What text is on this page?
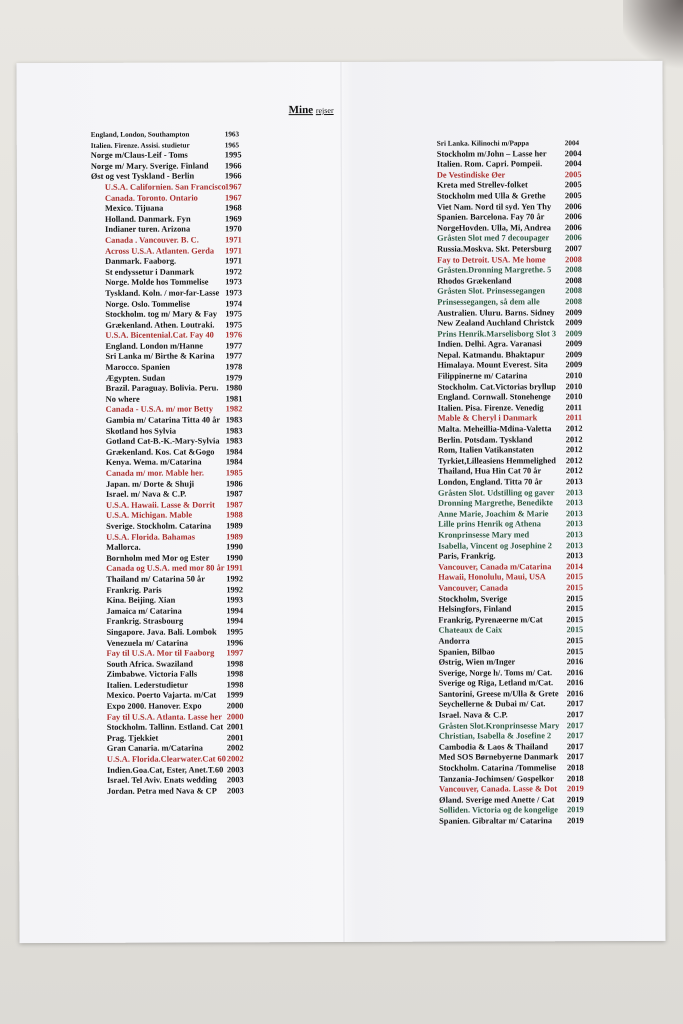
Mine rejser
England, London, Southampton	1963
Italien. Firenze. Assisi. studietur	1965
Norge m/Claus-Leif - Toms	1995
Norge m/ Mary. Sverige. Finland 1966
Øst og vest Tyskland - Berlin	1966
U.S.A. Californien. San Francisco 1967
Canada. Toronto. Ontario	1967
Mexico. Tijuana	1968
Holland. Danmark. Fyn	1969
Indianer turen. Arizona	1970
Canada . Vancouver. B. C.	1971
Across U.S.A. Atlanten. Gerda 1971
Danmark. Faaborg.	1971
St endyssetur i Danmark	1972
Norge. Molde hos Tommelise 1973
Tyskland. Koln. / mor-far-Lasse 1973
Norge. Oslo. Tommelise	1974
Stockholm. tog m/ Mary & Fay 1975
Grækenland. Athen. Loutraki. 1975
U.S.A. Bicentenial.Cat. Fay 40 1976
England. London m/Hanne	1977
Sri Lanka m/ Birthe & Karina 1977
Marocco. Spanien	1978
Ægypten. Sudan	1979
Brazil. Paraguay. Bolivia. Peru. 1980
No where	1981
Canada - U.S.A. m/ mor Betty 1982
Gambia m/ Catarina Titta 40 år 1983
Skotland hos Sylvia	1983
Gotland Cat-B.-K.-Mary-Sylvia 1983
Grækenland. Kos. Cat &Gogo 1984
Kenya. Wema. m/Catarina	1984
Canada m/ mor. Mable her.	1985
Japan. m/ Dorte & Shuji	1986
Israel. m/ Nava & C.P.	1987
U.S.A. Hawaii. Lasse & Dorrit 1987
U.S.A. Michigan. Mable	1988
Sverige. Stockholm. Catarina 1989
U.S.A. Florida. Bahamas	1989
Mallorca.	1990
Bornholm med Mor og Ester 1990
Canada og U.S.A. med mor 80 år 1991
Thailand m/ Catarina 50 år	1992
Frankrig. Paris	1992
Kina. Beijing. Xian	1993
Jamaica m/ Catarina	1994
Frankrig. Strasbourg	1994
Singapore. Java. Bali. Lombok 1995
Venezuela m/ Catarina	1996
Fay til U.S.A. Mor til Faaborg 1997
South Africa. Swaziland	1998
Zimbabwe. Victoria Falls	1998
Italien. Lederstudietur	1998
Mexico. Poerto Vajarta. m/Cat 1999
Expo 2000. Hanover. Expo	2000
Fay til U.S.A. Atlanta. Lasse her 2000
Stockholm. Tallinn. Estland. Cat 2001
Prag. Tjekkiet	2001
Gran Canaria. m/Catarina	2002
U.S.A. Florida.Clearwater.Cat 60 2002
Indien.Goa.Cat, Ester, Anet.T.60 2003
Israel. Tel Aviv. Enats wedding 2003
Jordan. Petra med Nava & CP 2003
Sri Lanka. Kilinochi m/Pappa	2004
Stockholm m/John – Lasse her 2004
Italien. Rom. Capri. Pompeii.	2004
De Vestindiske Øer	2005
Kreta med Strellev-folket	2005
Stockholm med Ulla & Grethe 2005
Viet Nam. Nord til syd. Yen Thy 2006
Spanien. Barcelona. Fay 70 år 2006
NorgeHovden. Ulla, Mi, Andrea 2006
Gråsten Slot med 7 decoupager 2006
Russia.Moskva. Skt. Petersburg 2007
Fay to Detroit. USA. Me home 2008
Gråsten.Dronning Margrethe. 5 2008
Rhodos Grækenland	2008
Gråsten Slot. Prinsessegangen 2008
Prinsessegangen, så dem alle	2008
Australien. Uluru. Barns. Sidney 2009
New Zealand Auchland Christck 2009
Prins Henrik.Marselisborg Slot 3 2009
Indien. Delhi. Agra. Varanasi	2009
Nepal. Katmandu. Bhaktapur 2009
Himalaya. Mount Everest. Sita 2009
Filippinerne m/ Catarina	2010
Stockholm. Cat.Victorias bryllup 2010
England. Cornwall. Stonehenge 2010
Italien. Pisa. Firenze. Venedig	2011
Mable & Cheryl i Danmark	2011
Malta. Meheillia-Mdina-Valetta 2012
Berlin. Potsdam. Tyskland	2012
Rom, Italien Vatikanstaten	2012
Tyrkiet,Lilleasiens Hemmelighed 2012
Thailand, Hua Hin Cat 70 år	2012
London, England. Titta 70 år	2013
Gråsten Slot. Udstilling og gaver 2013
Dronning Margrethe, Benedikte 2013
Anne Marie, Joachim & Marie 2013
Lille prins Henrik og Athena	2013
Kronprinsesse Mary med	2013
Isabella, Vincent og Josephine 2 2013
Paris, Frankrig.	2013
Vancouver, Canada m/Catarina 2014
Hawaii, Honolulu, Maui, USA 2015
Vancouver, Canada	2015
Stockholm, Sverige	2015
Helsingfors, Finland	2015
Frankrig, Pyrenæerne m/Cat	2015
Chateaux de Caix	2015
Andorra	2015
Spanien, Bilbao	2015
Østrig, Wien m/Inger	2016
Sverige, Norge h/. Toms m/ Cat. 2016
Sverige og Riga, Letland m/Cat. 2016
Santorini, Greese m/Ulla & Grete 2016
Seychellerne & Dubai m/ Cat.	2017
Israel. Nava & C.P.	2017
Gråsten Slot.Kronprinsesse Mary 2017
Christian, Isabella & Josefine 2 2017
Cambodia & Laos & Thailand 2017
Med SOS Børnebyerne Danmark 2017
Stockholm. Catarina /Tommelise 2018
Tanzania-Jochimsen/ Gospelkor 2018
Vancouver, Canada. Lasse & Dot 2019
Øland. Sverige med Anette / Cat 2019
Solliden. Victoria og de kongelige 2019
Spanien. Gibraltar m/ Catarina 2019
